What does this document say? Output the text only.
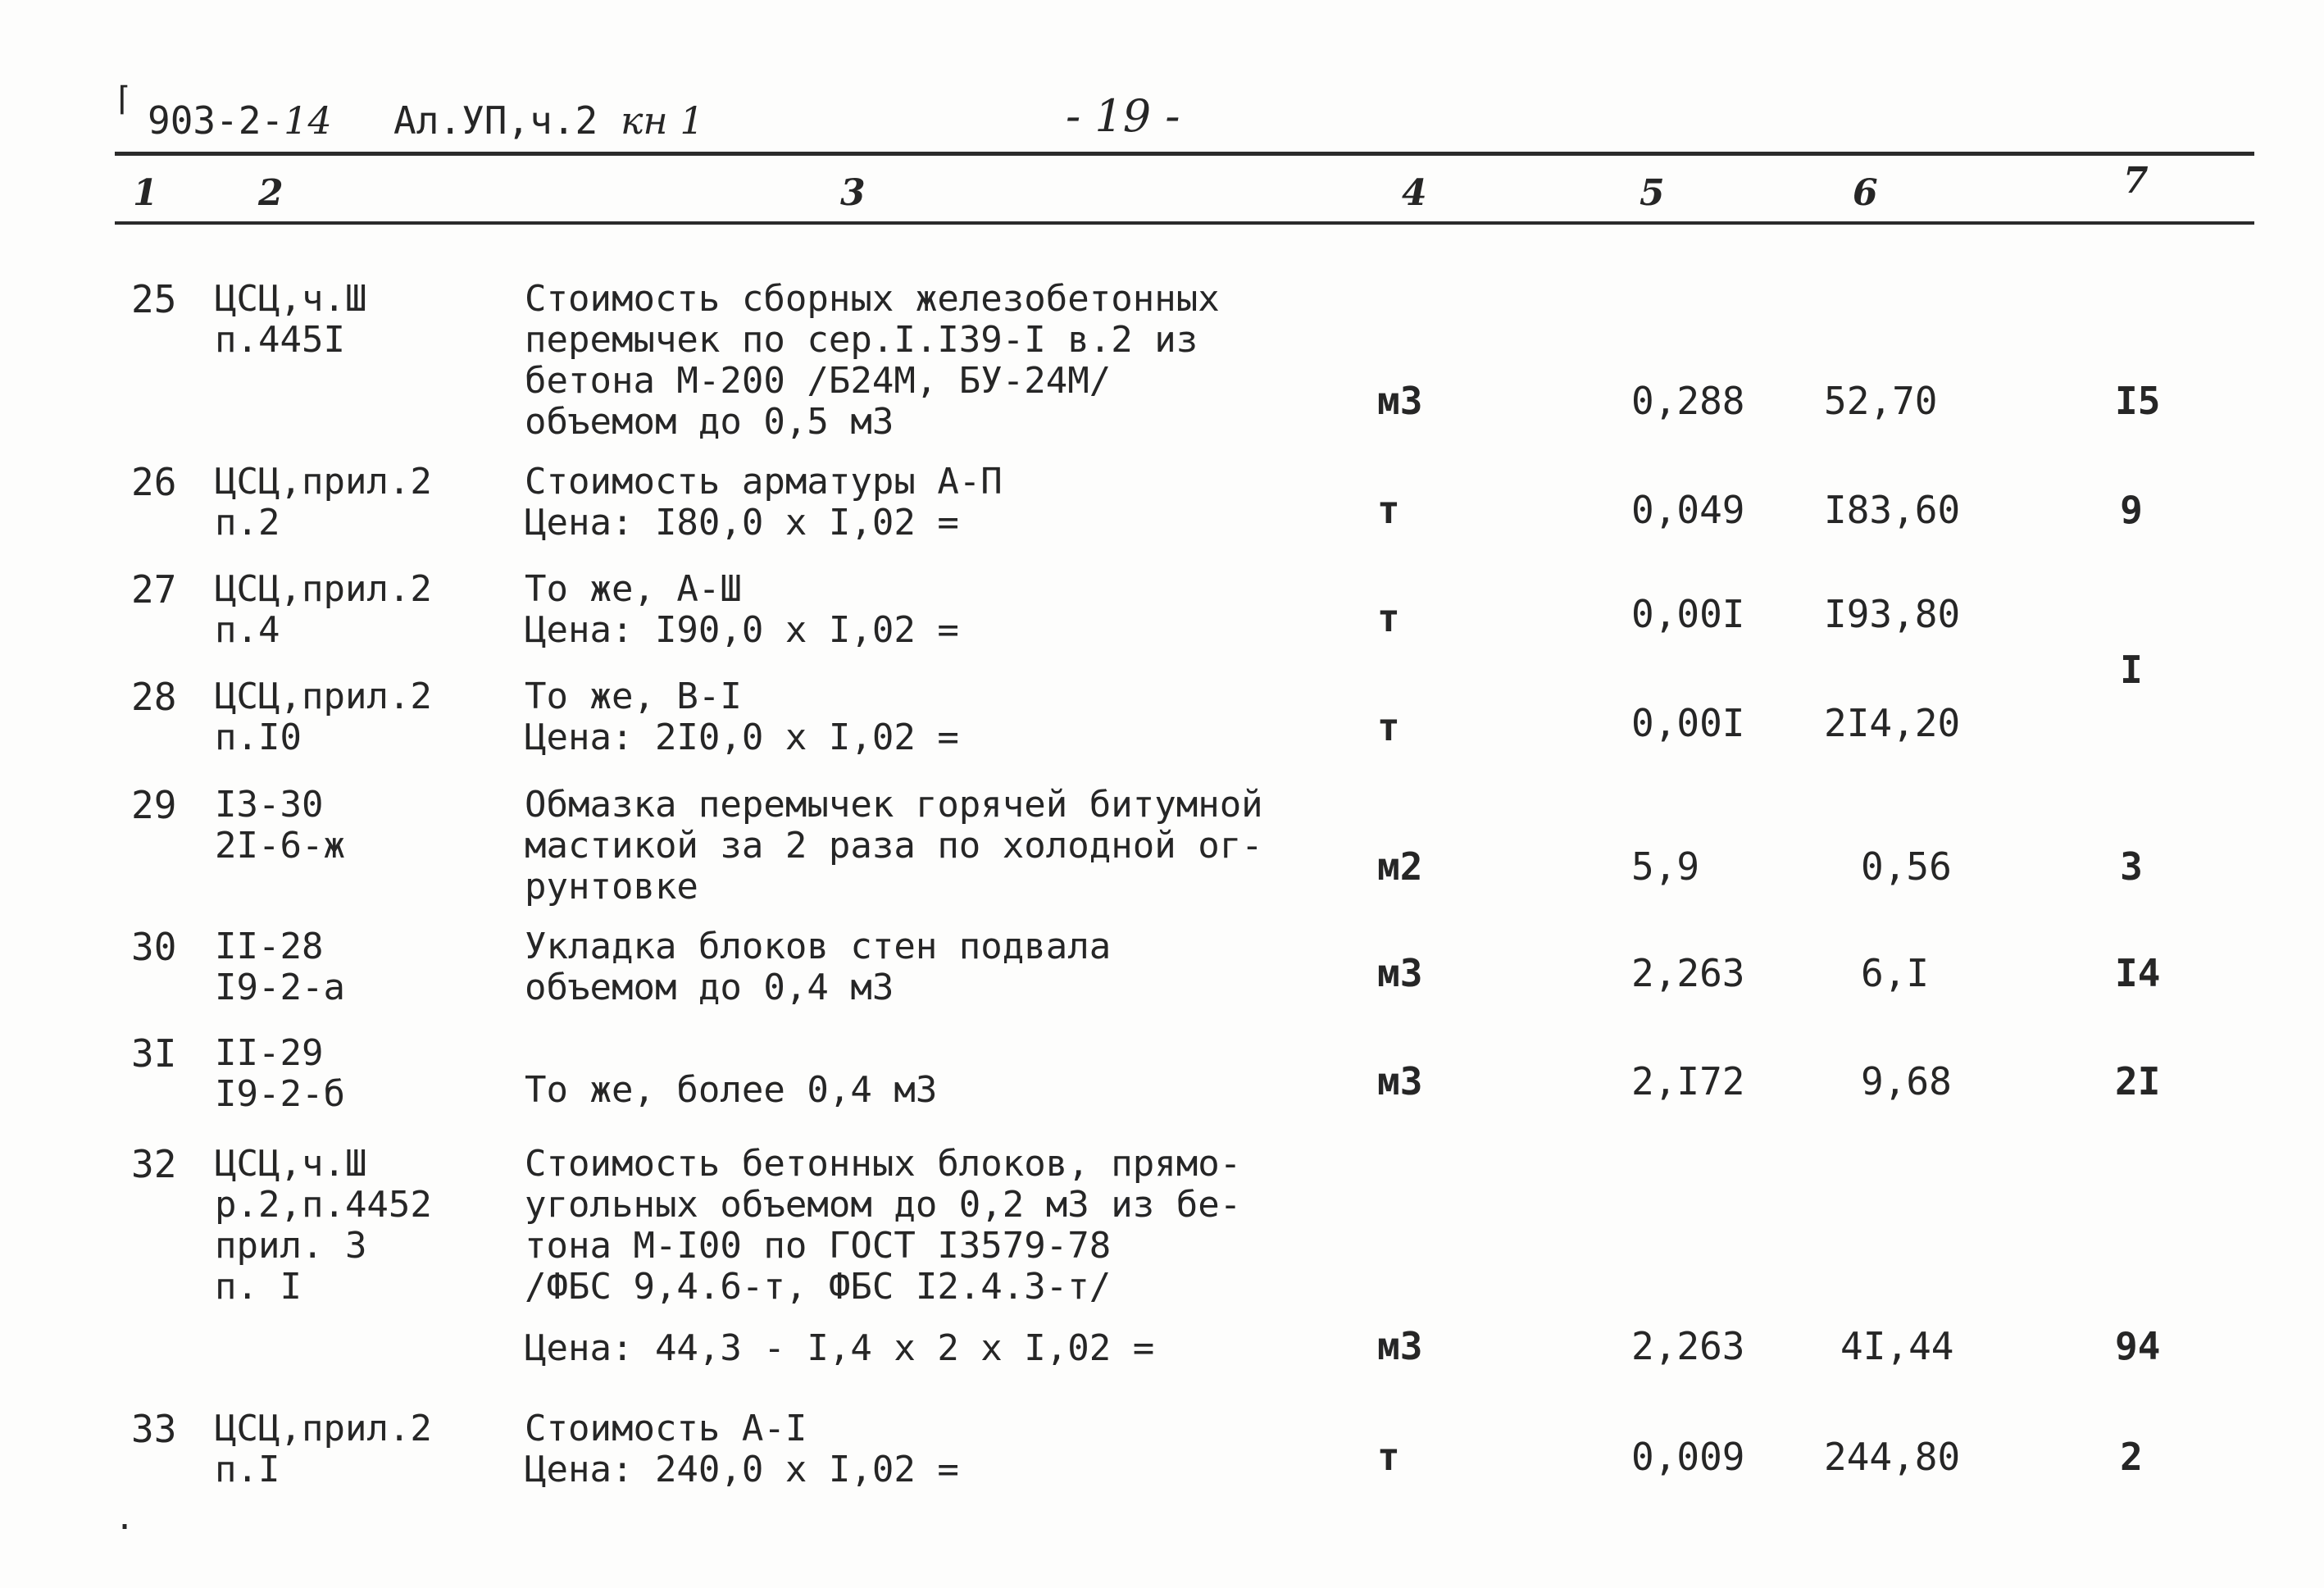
⌈ 903-2-14 Ал.УП,ч.2 кн 1	- 19 -
1	2	3	4	5	6	7
25 ЦСЦ,ч.Ш
п.445I
Стоимость сборных железобетонных
перемычек по сер.I.I39-I в.2 из
бетона М-200 /Б24М, БУ-24М/
объемом до 0,5 м3	м3	0,288 52,70	I5
26 ЦСЦ,прил.2
п.2
Стоимость арматуры А-П
Цена: I80,0 x I,02 =	т	0,049 I83,60	9
27 ЦСЦ,прил.2
п.4
То же, А-Ш
Цена: I90,0 x I,02 =	т	0,00I I93,80
I
28 ЦСЦ,прил.2
п.I0
То же, В-I
Цена: 2I0,0 x I,02 =	т	0,00I 2I4,20
29 I3-30
2I-6-ж
Обмазка перемычек горячей битумной
мастикой за 2 раза по холодной ог-
рунтовке	м2	5,9	0,56	3
30 II-28
I9-2-а
Укладка блоков стен подвала
объемом до 0,4 м3	м3	2,263	6,I	I4
3I II-29
I9-2-б	То же, более 0,4 м3	м3	2,I72	9,68	2I
32 ЦСЦ,ч.Ш
р.2,п.4452
прил. 3
п. I
Стоимость бетонных блоков, прямо-
угольных объемом до 0,2 м3 из бе-
тона М-I00 по ГОСТ I3579-78
/ФБС 9,4.6-т, ФБС I2.4.3-т/
Цена: 44,3 - I,4 x 2 x I,02 =	м3	2,263	4I,44	94
33 ЦСЦ,прил.2
п.I
Стоимость А-I
Цена: 240,0 x I,02 =	т	0,009 244,80	2
·
